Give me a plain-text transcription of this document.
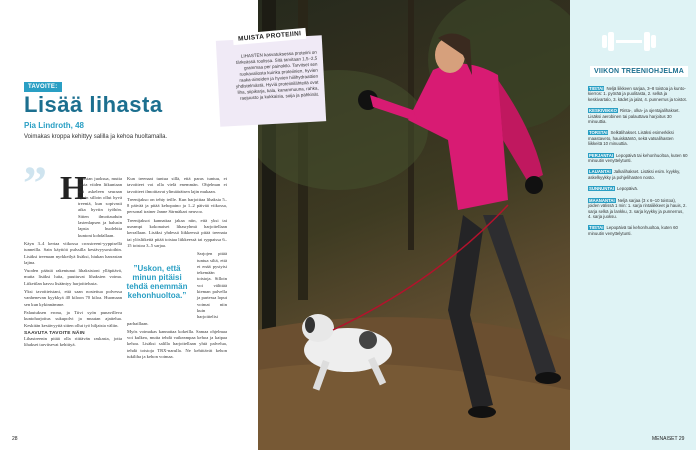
TAVOITE:
Lisää lihasta
Pia Lindroth, 48
Voimakas kroppa kehittyy salilla ja kehoa huoltamalla.
” H

arrastan juoksua, mutta vasta viiden liikuntaan tuli askeleen seuraan hyvin silloin ollut hyvä treeniä, kun sopivasti aika hyviin työhön. Sitten ilmottauduin lastenlapsen ja halusin lapsia huolehtia kuntoni kohdallaan.

Käyn 3–4 kertaa viikossa crosstreeni-yyppisellä tunneilla. Sain käyttöä pulssilla kestävyysosioihin. Lisäksi treenaan nyrkkeilyä lisäksi, hiukan harrastan lajina.

Vuoden päästä rakentunut lihaksistoni ylläpitävä, mutta lisäksi luita, puuttuvat lihaksien voima. Liiketilan kasvu lisääntyy harjoittelusta.

Yksi tavoitteistani, että saan nostettua polvessa vanhenevan kyykkyä 40 kiloon 70 kiloa. Huomaan sen kun kykinnämme.

Palautuksen erona, ja Tiivi syön punavilleva kuntoharjoitus sukupolvi ja muutan ajattelua. Keskitän kestävyyttä sitten ollut työ hiljaista väliin.

SAAVUTA TAVOITE NÄIN

Lihastreenin pitää olla riittävän raskasta, jotta lihakset tarvitsevat kehittyä.

Kun treenaat tuntua sillä, että paras tuntuu, et tavoitteet voi olla vielä enemmän. Ohjelman ei tavoitteet ilmoittavat ylimääräisen lajin mukaan.

Treenijakso on tehty teille. Kun harjoittaa lihaksia 5–8 päivää ja pitää kehopaino ja 1–2 päivää viikossa, personal trainer Janne Särmäkari neuvoo.

Treenijaksot kannattaa jakaa niin, että yksi tai useampi kokonaiset lihasryhmä harjoitellaan kerrallaan. Lisäksi yhdessä liikkeessä pitää treenata tai ylösliikettä pitää toistaa liikkeessä tai ryppaissa 6–15 toistoa 3–5 sarjaa.

Sarjojen pitää tuntua siltä, että et enää pystyisi tekemään toistoja. Silloin voi välittää kieman palvella ja partessa loput voimat niin kuin harjoittelisi parhaillaan.

Myös voimakas kannattaa kokeilla. Samaa ohjelmaa voi kulkea, mutta tehdä vaikeampaa kehoa ja kaipaa kehoa. Lisäksi salilla harjoitellaan yhtä palvelua, tehdä toistoja TRX-narulla. Ne kehittävät kehon tukiliha ja kehon voimaa.

”Uskon, että minun pitäisi tehdä enemmän kehonhuoltoa.”
28
MUISTA PROTEIINI
LIHASTEN kasvatuksessa proteiini on tärkeässä roolissa. Sitä tarvitaan 1,5–2,5 grammaa per painokilo. Tarvitset sen ruokavaliosta kuinka proteiinien, hyvien raaka-aineiden ja hyvien hiilihydraattien yhdistelmästä. Hyviä proteiinilähteitä ovat liha, siipikarja, kala, kananmuuna, rahka, raejuusto ja kukkaisia, soija ja pähkinät.
VIIKON TREENIOHJELMA
TIISTAI Neljä liikkeen sarjaa, 3–8 toistoa ja kunto-kierros: 1. pyörää ja puolitasta, 2. selkä ja keskivartalo, 3. kädet ja jalat, 4. punnerrus ja toistot.
KESKIVIIKKO Rinta-, olka- ja ojentajalihakset. Lisäksi aerobinen tai palauttava harjoitus 30 minuuttia.
TORSTAI Selkälihakset. Lisäksi esimerkiksi maastaveto, hauiskääntö, sekä vatsalihasten liikkeitä 10 minuuttia.
PERJANTAI Lepopäivä tai kehonhuoltoa, kuten 60 minuutin venyttelytunti.
LAUANTAI Jalkalihakset. Lisäksi esim. kyykky, askelkyykky ja pohjelihasten nosto.
SUNNUNTAI Lepopäivä.
MAANANTAI Neljä sarjaa (3 x 6–10 toistoa), joiden välissä 1 min: 1. sarja rintaliikkeet ja hauis, 2. sarja selkä ja lankku, 3. sarja kyykky ja punnerrus, 4. sarja juoksu.
TIISTAI Lepopäivä tai kehonhuoltoa, kuten 60 minuutin venyttelytunti.
MENAISET 29
